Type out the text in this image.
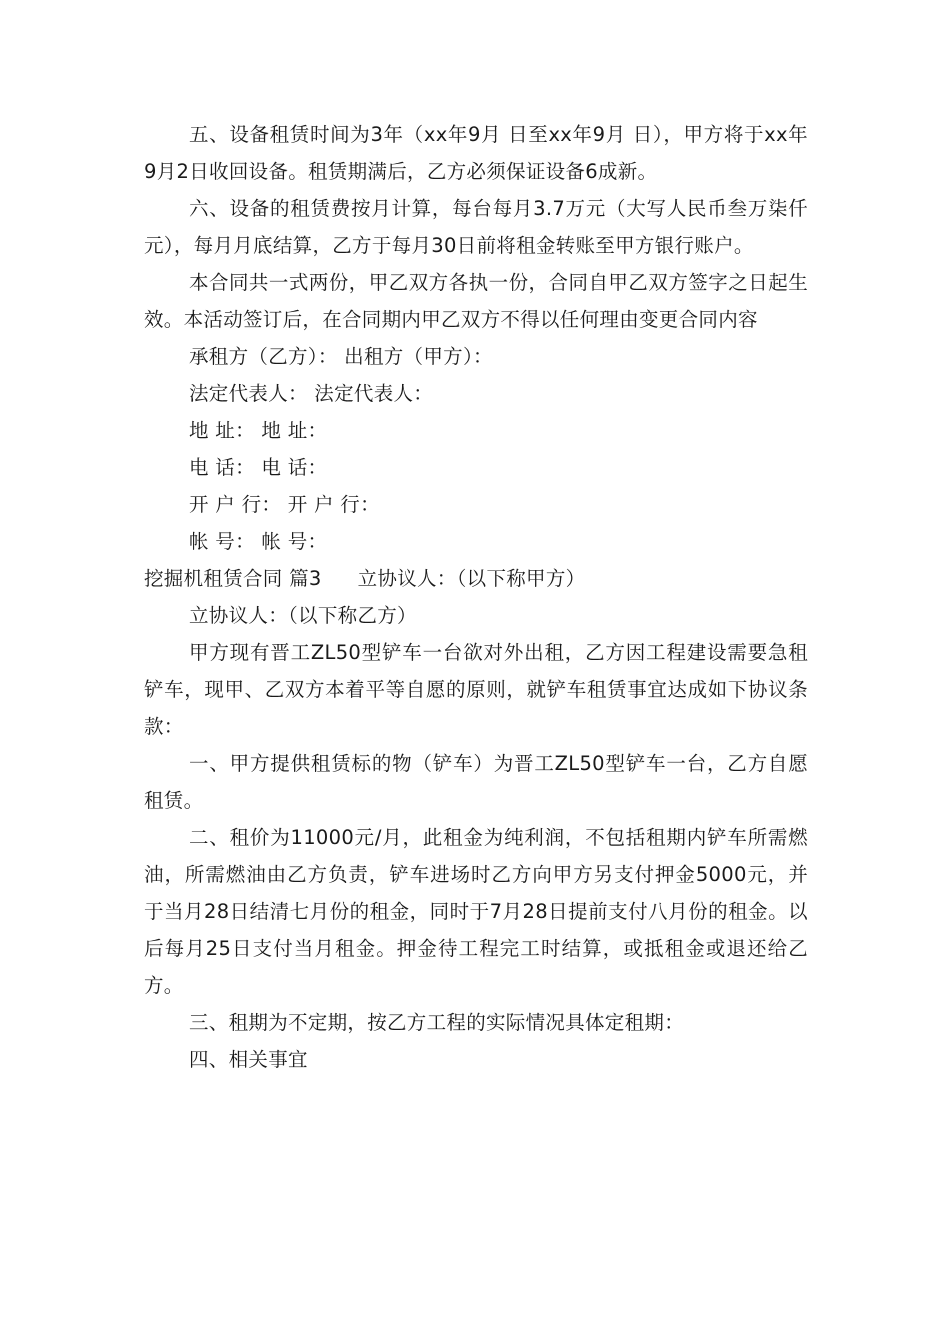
五、设备租赁时间为3年（xx年9月 日至xx年9月 日），甲方将于xx年9月2日收回设备。租赁期满后，乙方必须保证设备6成新。

六、设备的租赁费按月计算，每台每月3.7万元（大写人民币叁万柒仟元），每月月底结算，乙方于每月30日前将租金转账至甲方银行账户。

本合同共一式两份，甲乙双方各执一份，合同自甲乙双方签字之日起生效。本活动签订后，在合同期内甲乙双方不得以任何理由变更合同内容

承租方（乙方）： 出租方（甲方）：

法定代表人： 法定代表人：

地 址： 地 址：

电 话： 电 话：

开 户 行： 开 户 行：

帐 号： 帐 号：

挖掘机租赁合同 篇3 立协议人：（以下称甲方）

立协议人：（以下称乙方）

甲方现有晋工ZL50型铲车一台欲对外出租，乙方因工程建设需要急租铲车，现甲、乙双方本着平等自愿的原则，就铲车租赁事宜达成如下协议条款：

一、甲方提供租赁标的物（铲车）为晋工ZL50型铲车一台，乙方自愿租赁。

二、租价为11000元/月，此租金为纯利润，不包括租期内铲车所需燃油，所需燃油由乙方负责，铲车进场时乙方向甲方另支付押金5000元，并于当月28日结清七月份的租金，同时于7月28日提前支付八月份的租金。以后每月25日支付当月租金。押金待工程完工时结算，或抵租金或退还给乙方。

三、租期为不定期，按乙方工程的实际情况具体定租期：

四、相关事宜
